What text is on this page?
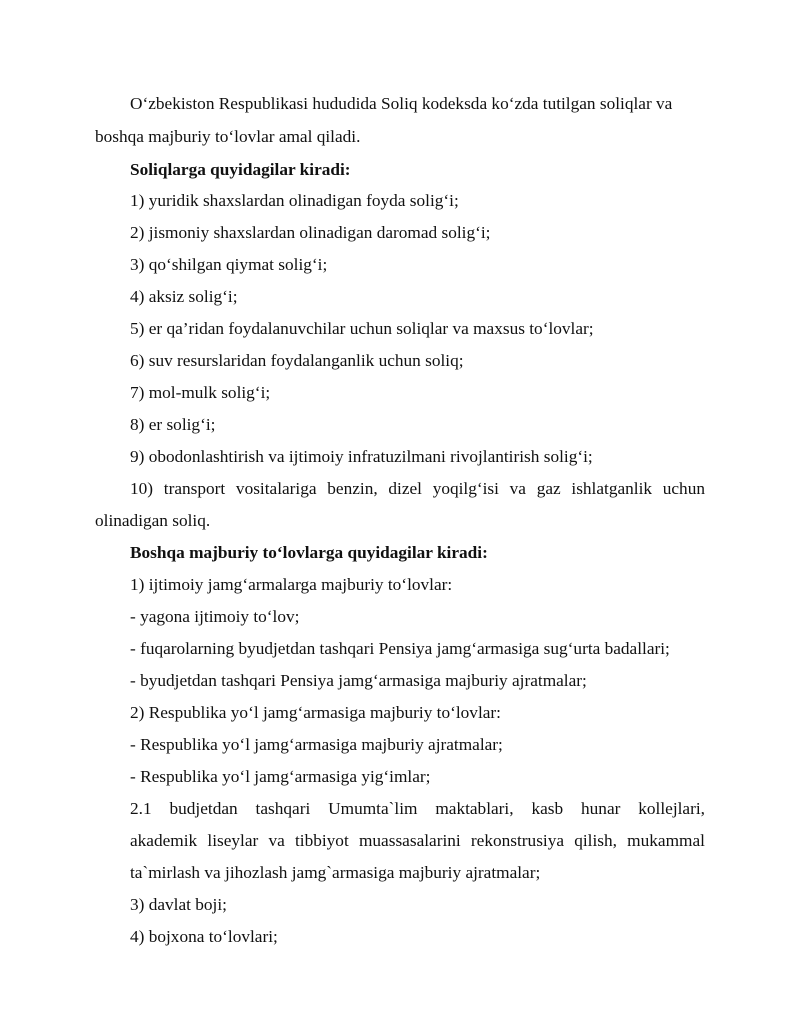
O‘zbekiston Respublikasi hududida Soliq kodeksda ko‘zda tutilgan soliqlar va
boshqa majburiy to‘lovlar amal qiladi.
Soliqlarga quyidagilar kiradi:
1) yuridik shaxslardan olinadigan foyda solig‘i;
2) jismoniy shaxslardan olinadigan daromad solig‘i;
3) qo‘shilgan qiymat solig‘i;
4) aksiz solig‘i;
5) er qa’ridan foydalanuvchilar uchun soliqlar va maxsus to‘lovlar;
6) suv resurslaridan foydalanganlik uchun soliq;
7) mol-mulk solig‘i;
8) er solig‘i;
9) obodonlashtirish va ijtimoiy infratuzilmani rivojlantirish solig‘i;
10) transport vositalariga benzin, dizel yoqilg‘isi va gaz ishlatganlik uchun
olinadigan soliq.
Boshqa majburiy to‘lovlarga quyidagilar kiradi:
1) ijtimoiy jamg‘armalarga majburiy to‘lovlar:
- yagona ijtimoiy to‘lov;
- fuqarolarning byudjetdan tashqari Pensiya jamg‘armasiga sug‘urta badallari;
- byudjetdan tashqari Pensiya jamg‘armasiga majburiy ajratmalar;
2) Respublika yo‘l jamg‘armasiga majburiy to‘lovlar:
- Respublika yo‘l jamg‘armasiga majburiy ajratmalar;
- Respublika yo‘l jamg‘armasiga yig‘imlar;
2.1 budjetdan tashqari Umumta`lim maktablari, kasb hunar kollejlari,
akademik liseylar va tibbiyot muassasalarini rekonstrusiya qilish, mukammal
ta`mirlash va jihozlash jamg`armasiga majburiy ajratmalar;
3) davlat boji;
4) bojxona to‘lovlari;
